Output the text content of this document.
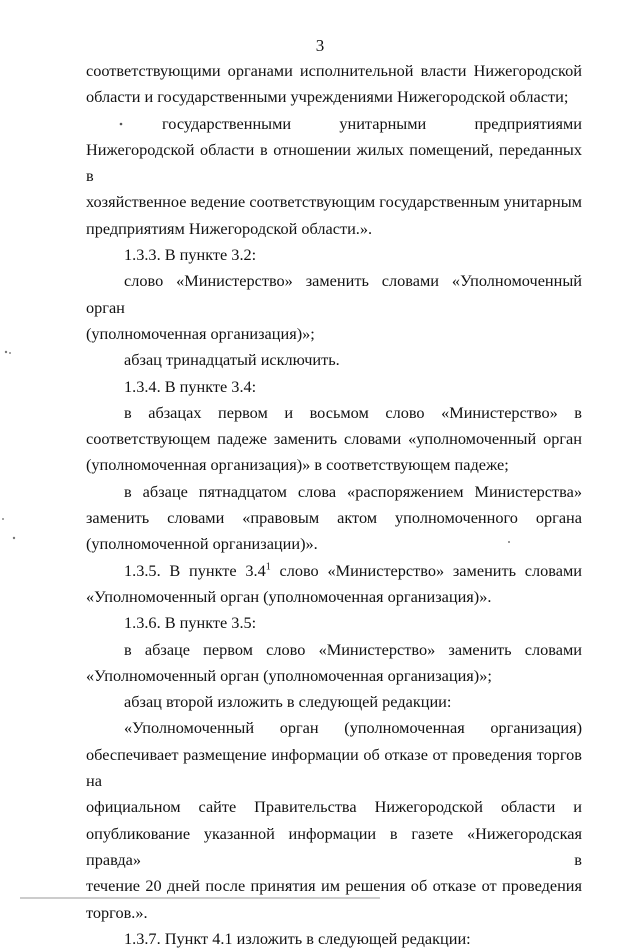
3

соответствующими органами исполнительной власти Нижегородской

области и государственными учреждениями Нижегородской области;

государственными унитарными предприятиями

Нижегородской области в отношении жилых помещений, переданных в

хозяйственное ведение соответствующим государственным унитарным

предприятиям Нижегородской области.».

1.3.3. В пункте 3.2:

слово «Министерство» заменить словами «Уполномоченный орган

(уполномоченная организация)»;

абзац тринадцатый исключить.

1.3.4. В пункте 3.4:

в абзацах первом и восьмом слово «Министерство» в

соответствующем падеже заменить словами «уполномоченный орган

(уполномоченная организация)» в соответствующем падеже;

в абзаце пятнадцатом слова «распоряжением Министерства»

заменить словами «правовым актом уполномоченного органа

(уполномоченной организации)».

1.3.5. В пункте $3.4^1$ слово «Министерство» заменить словами

«Уполномоченный орган (уполномоченная организация)».

1.3.6. В пункте 3.5:

в абзаце первом слово «Министерство» заменить словами

«Уполномоченный орган (уполномоченная организация)»;

абзац второй изложить в следующей редакции:

«Уполномоченный орган (уполномоченная организация)

обеспечивает размещение информации об отказе от проведения торгов на

официальном сайте Правительства Нижегородской области и

опубликование указанной информации в газете «Нижегородская правда» в

течение 20 дней после принятия им решения об отказе от проведения

торгов.».

1.3.7. Пункт 4.1 изложить в следующей редакции:
